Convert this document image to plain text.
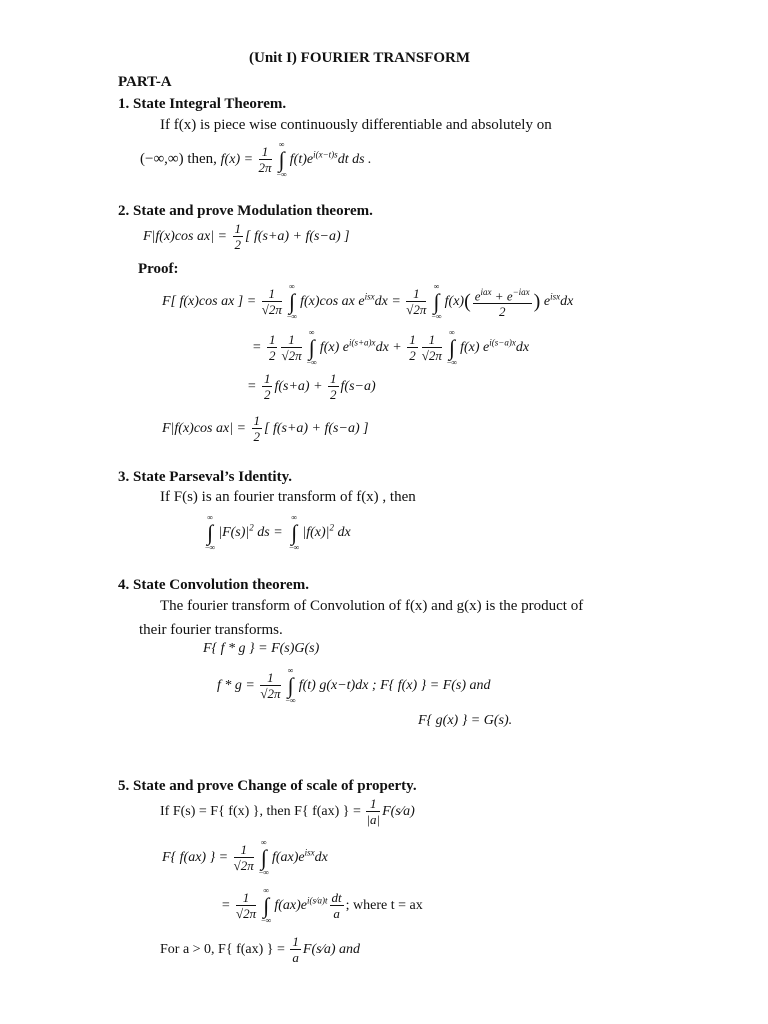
(Unit I) FOURIER TRANSFORM
PART-A
1. State Integral Theorem.
If f(x) is piece wise continuously differentiable and absolutely on
(−∞,∞) then, $f(x) = \frac{1}{2\pi}$
∞
∫
−∞
$f(t)e^{i(x-t)s}dt$ ds .
2. State and prove Modulation theorem.
F|f(x)cos $ax| = \frac{1}{2}$ [ f(s+a) + f(s−a) ]
Proof:
F[ f(x)cos ax ] = $\frac{1}{√2\pi}$
∞
∫
−∞
f(x)cos ax $e^{isx}dx = \frac{1}{√2\pi}$
∞
∫
−∞
$f(x)( \frac{e^{iax} + e^{-iax}}{2}$ ) $e^{isx}dx$
= $\frac{1}{2} \frac{1}{√2\pi}$
∞
∫
−∞
f(x) $e^{i(s+a)x}dx + \frac{1}{2} \frac{1}{√2\pi}$
∞
∫
−∞
f(x) $e^{i(s-a)x}dx$
= $\frac{1}{2} f(s+a) + \frac{1}{2} f(s-a)$
F|f(x)cos $ax| = \frac{1}{2}$ [ f(s+a) + f(s−a) ]
3. State Parseval’s Identity.
If F(s) is an fourier transform of f(x) , then
∞
∫
−∞
$|F(s)|^2$ ds =
∞
∫
−∞
$|f(x)|^2$ dx
4. State Convolution theorem.
The fourier transform of Convolution of f(x) and g(x) is the product of
their fourier transforms.
F{ f * g } = F(s)G(s)
$f * g = \frac{1}{√2\pi}$
∞
∫
−∞
f(t) g(x−t)dx ; F{ f(x) } = F(s) and
F{ g(x) } = G(s).
5. State and prove Change of scale of property.
If F(s) = F{ f(x) }, then F{ f(ax) } = $\frac{1}{|a|}$ F(s⁄a)
F{ f(ax) } = $\frac{1}{√2\pi}$
∞
∫
−∞
$f(ax)e^{isx}dx$
= $\frac{1}{√2\pi}$
∞
∫
−∞
$f(ax)e^{i(s⁄a)t} \frac{dt}{a}$ ; where t = ax
For a > 0, F{ f(ax) } = $\frac{1}{a}$ F(s⁄a) and
